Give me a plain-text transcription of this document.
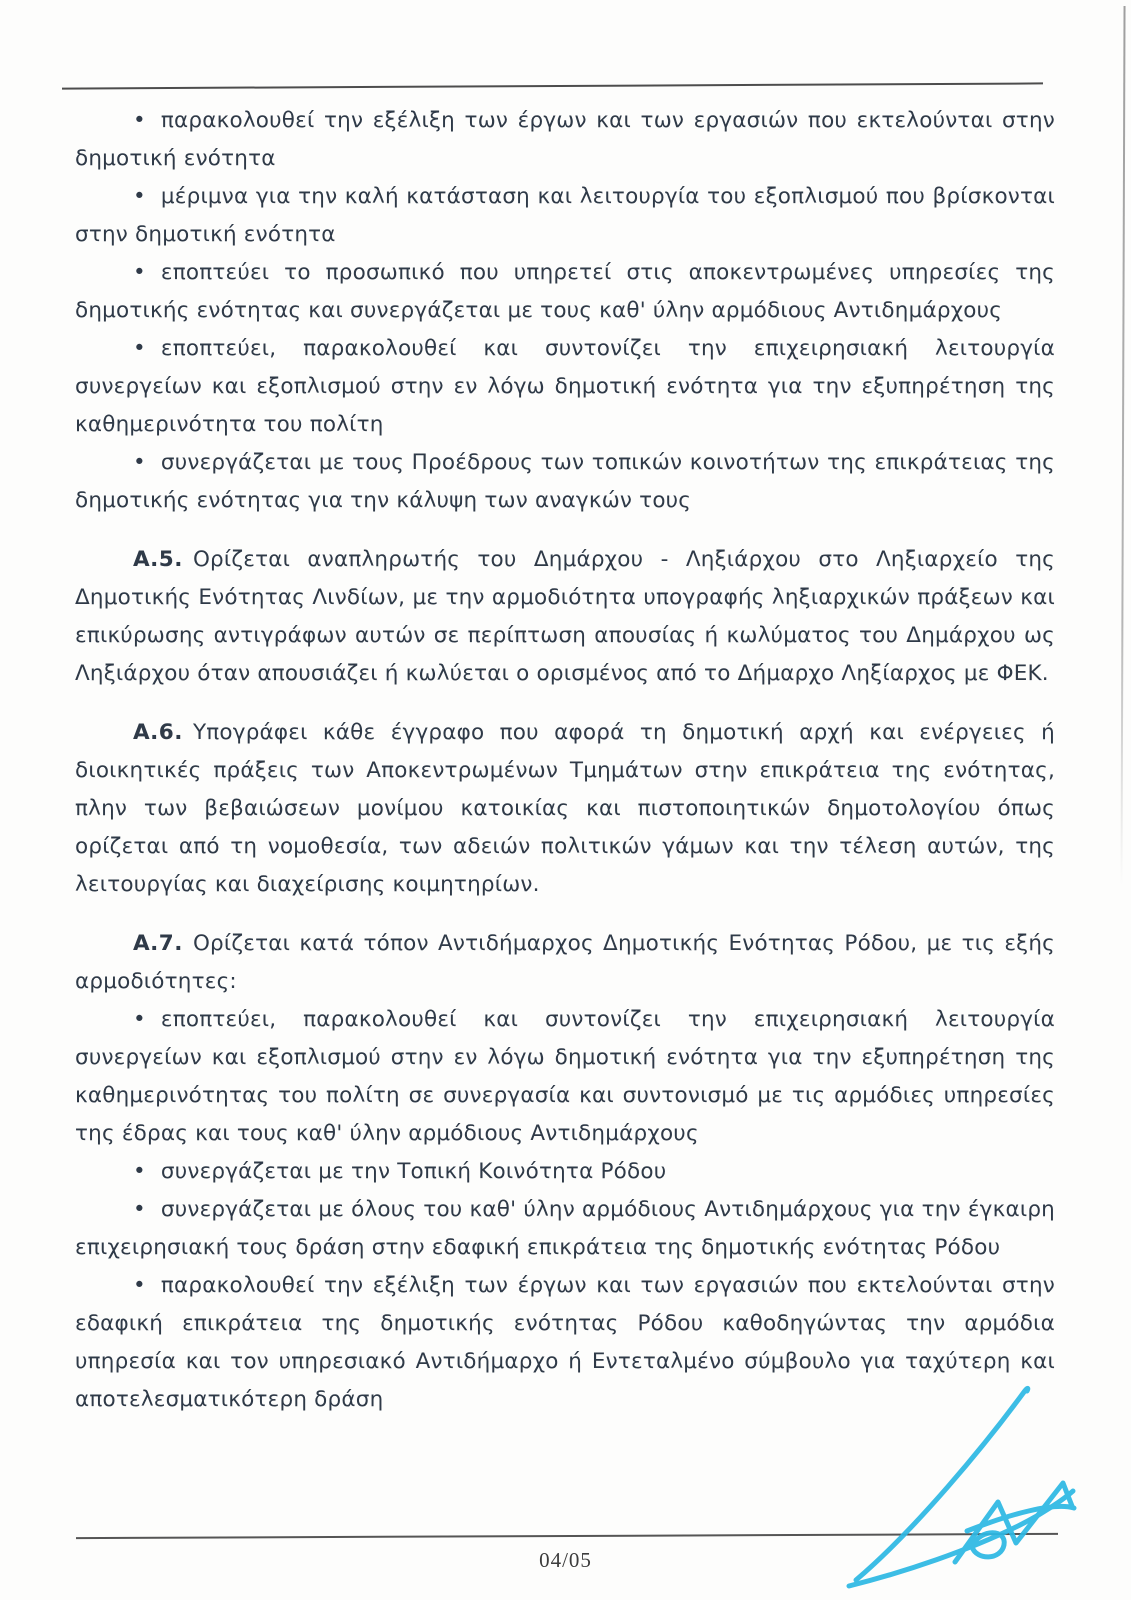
• παρακολουθεί την εξέλιξη των έργων και των εργασιών που εκτελούνται στην δημοτική ενότητα

• μέριμνα για την καλή κατάσταση και λειτουργία του εξοπλισμού που βρίσκονται στην δημοτική ενότητα

• εποπτεύει το προσωπικό που υπηρετεί στις αποκεντρωμένες υπηρεσίες της δημοτικής ενότητας και συνεργάζεται με τους καθ' ύλην αρμόδιους Αντιδημάρχους

• εποπτεύει, παρακολουθεί και συντονίζει την επιχειρησιακή λειτουργία συνεργείων και εξοπλισμού στην εν λόγω δημοτική ενότητα για την εξυπηρέτηση της καθημερινότητα του πολίτη

• συνεργάζεται με τους Προέδρους των τοπικών κοινοτήτων της επικράτειας της δημοτικής ενότητας για την κάλυψη των αναγκών τους

Α.5. Ορίζεται αναπληρωτής του Δημάρχου - Ληξιάρχου στο Ληξιαρχείο της Δημοτικής Ενότητας Λινδίων, με την αρμοδιότητα υπογραφής ληξιαρχικών πράξεων και επικύρωσης αντιγράφων αυτών σε περίπτωση απουσίας ή κωλύματος του Δημάρχου ως Ληξιάρχου όταν απουσιάζει ή κωλύεται ο ορισμένος από το Δήμαρχο Ληξίαρχος με ΦΕΚ.

Α.6. Υπογράφει κάθε έγγραφο που αφορά τη δημοτική αρχή και ενέργειες ή διοικητικές πράξεις των Αποκεντρωμένων Τμημάτων στην επικράτεια της ενότητας, πλην των βεβαιώσεων μονίμου κατοικίας και πιστοποιητικών δημοτολογίου όπως ορίζεται από τη νομοθεσία, των αδειών πολιτικών γάμων και την τέλεση αυτών, της λειτουργίας και διαχείρισης κοιμητηρίων.

Α.7. Ορίζεται κατά τόπον Αντιδήμαρχος Δημοτικής Ενότητας Ρόδου, με τις εξής αρμοδιότητες:

• εποπτεύει, παρακολουθεί και συντονίζει την επιχειρησιακή λειτουργία συνεργείων και εξοπλισμού στην εν λόγω δημοτική ενότητα για την εξυπηρέτηση της καθημερινότητας του πολίτη σε συνεργασία και συντονισμό με τις αρμόδιες υπηρεσίες της έδρας και τους καθ' ύλην αρμόδιους Αντιδημάρχους

• συνεργάζεται με την Τοπική Κοινότητα Ρόδου

• συνεργάζεται με όλους του καθ' ύλην αρμόδιους Αντιδημάρχους για την έγκαιρη επιχειρησιακή τους δράση στην εδαφική επικράτεια της δημοτικής ενότητας Ρόδου

• παρακολουθεί την εξέλιξη των έργων και των εργασιών που εκτελούνται στην εδαφική επικράτεια της δημοτικής ενότητας Ρόδου καθοδηγώντας την αρμόδια υπηρεσία και τον υπηρεσιακό Αντιδήμαρχο ή Εντεταλμένο σύμβουλο για ταχύτερη και αποτελεσματικότερη δράση

04/05
